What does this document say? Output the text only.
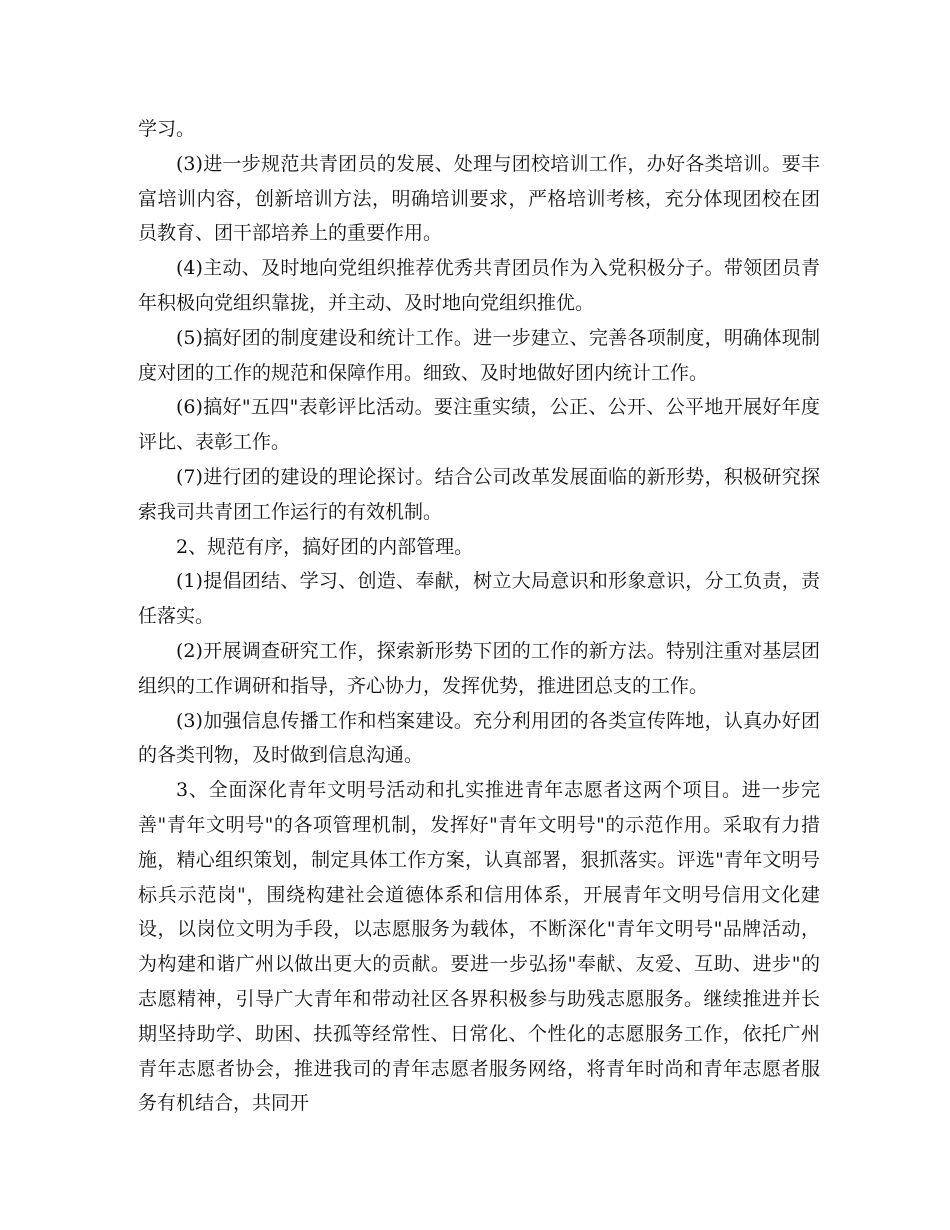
学习。

(3)进一步规范共青团员的发展、处理与团校培训工作，办好各类培训。要丰富培训内容，创新培训方法，明确培训要求，严格培训考核，充分体现团校在团员教育、团干部培养上的重要作用。

(4)主动、及时地向党组织推荐优秀共青团员作为入党积极分子。带领团员青年积极向党组织靠拢，并主动、及时地向党组织推优。

(5)搞好团的制度建设和统计工作。进一步建立、完善各项制度，明确体现制度对团的工作的规范和保障作用。细致、及时地做好团内统计工作。

(6)搞好"五四"表彰评比活动。要注重实绩，公正、公开、公平地开展好年度评比、表彰工作。

(7)进行团的建设的理论探讨。结合公司改革发展面临的新形势，积极研究探索我司共青团工作运行的有效机制。

2、规范有序，搞好团的内部管理。

(1)提倡团结、学习、创造、奉献，树立大局意识和形象意识，分工负责，责任落实。

(2)开展调查研究工作，探索新形势下团的工作的新方法。特别注重对基层团组织的工作调研和指导，齐心协力，发挥优势，推进团总支的工作。

(3)加强信息传播工作和档案建设。充分利用团的各类宣传阵地，认真办好团的各类刊物，及时做到信息沟通。

3、全面深化青年文明号活动和扎实推进青年志愿者这两个项目。进一步完善"青年文明号"的各项管理机制，发挥好"青年文明号"的示范作用。采取有力措施，精心组织策划，制定具体工作方案，认真部署，狠抓落实。评选"青年文明号标兵示范岗"，围绕构建社会道德体系和信用体系，开展青年文明号信用文化建设，以岗位文明为手段，以志愿服务为载体，不断深化"青年文明号"品牌活动，为构建和谐广州以做出更大的贡献。要进一步弘扬"奉献、友爱、互助、进步"的志愿精神，引导广大青年和带动社区各界积极参与助残志愿服务。继续推进并长期坚持助学、助困、扶孤等经常性、日常化、个性化的志愿服务工作，依托广州青年志愿者协会，推进我司的青年志愿者服务网络，将青年时尚和青年志愿者服务有机结合，共同开
